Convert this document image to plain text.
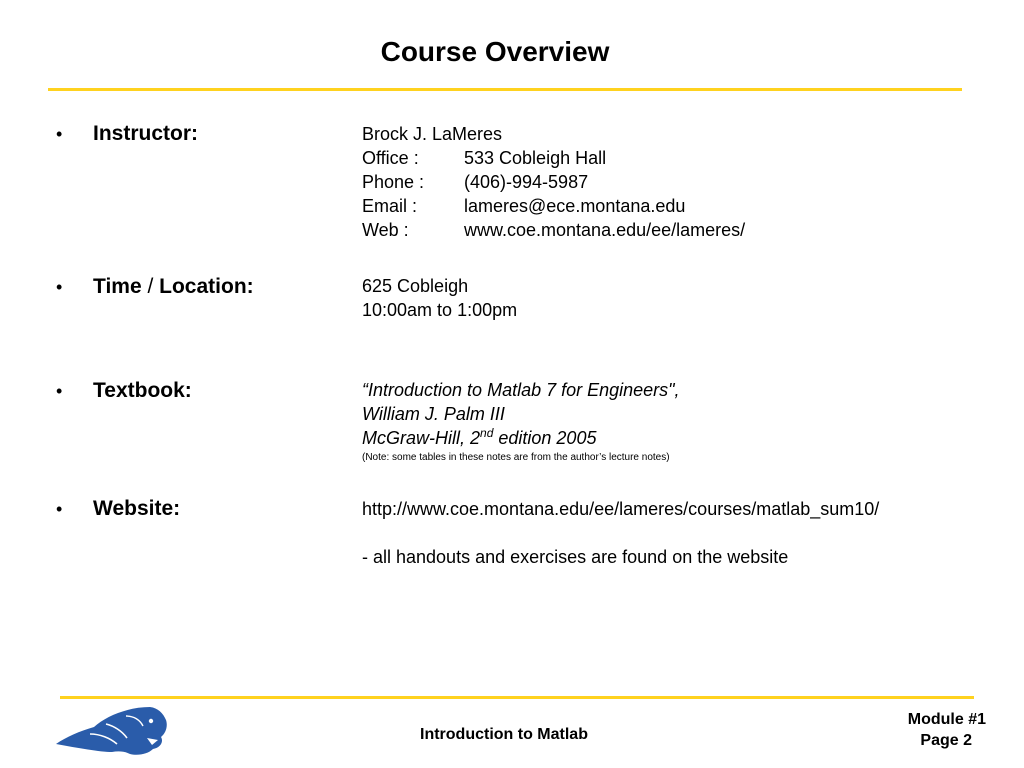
Course Overview
• Instructor:	Brock J. LaMeres
Office :	533 Cobleigh Hall
Phone : (406)-994-5987
Email :	lameres@ece.montana.edu
Web :	www.coe.montana.edu/ee/lameres/
• Time / Location:	625 Cobleigh
10:00am to 1:00pm
• Textbook:	“Introduction to Matlab 7 for Engineers",
William J. Palm III
McGraw-Hill, 2nd edition 2005
(Note: some tables in these notes are from the author’s lecture notes)
• Website:	http://www.coe.montana.edu/ee/lameres/courses/matlab_sum10/
- all handouts and exercises are found on the website
Introduction to Matlab
Module #1
Page 2
